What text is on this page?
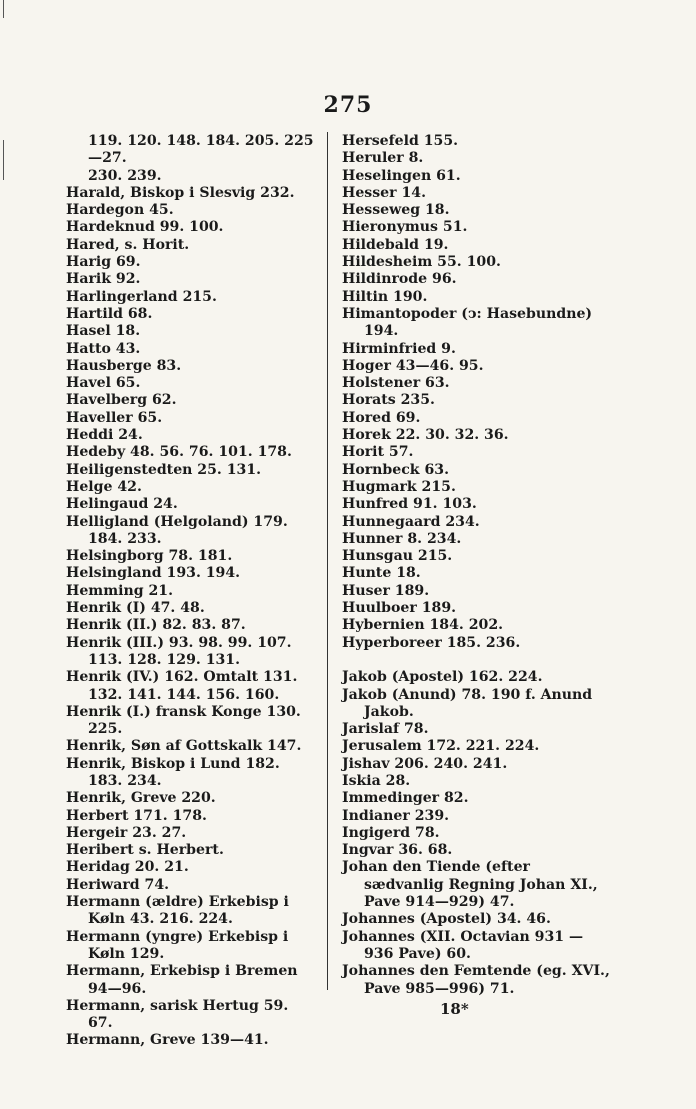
275
119. 120. 148. 184. 205. 225—27.
230. 239.
Harald, Biskop i Slesvig 232.
Hardegon 45.
Hardeknud 99. 100.
Hared, s. Horit.
Harig 69.
Harik 92.
Harlingerland 215.
Hartild 68.
Hasel 18.
Hatto 43.
Hausberge 83.
Havel 65.
Havelberg 62.
Haveller 65.
Heddi 24.
Hedeby 48. 56. 76. 101. 178.
Heiligenstedten 25. 131.
Helge 42.
Helingaud 24.
Helligland (Helgoland) 179. 184. 233.
Helsingborg 78. 181.
Helsingland 193. 194.
Hemming 21.
Henrik (I) 47. 48.
Henrik (II.) 82. 83. 87.
Henrik (III.) 93. 98. 99. 107. 113. 128. 129. 131.
Henrik (IV.) 162. Omtalt 131. 132. 141. 144. 156. 160.
Henrik (I.) fransk Konge 130. 225.
Henrik, Søn af Gottskalk 147.
Henrik, Biskop i Lund 182. 183. 234.
Henrik, Greve 220.
Herbert 171. 178.
Hergeir 23. 27.
Heribert s. Herbert.
Heridag 20. 21.
Heriward 74.
Hermann (ældre) Erkebisp i Køln 43. 216. 224.
Hermann (yngre) Erkebisp i Køln 129.
Hermann, Erkebisp i Bremen 94—96.
Hermann, sarisk Hertug 59. 67.
Hermann, Greve 139—41.
Hersefeld 155.
Heruler 8.
Heselingen 61.
Hesser 14.
Hesseweg 18.
Hieronymus 51.
Hildebald 19.
Hildesheim 55. 100.
Hildinrode 96.
Hiltin 190.
Himantopoder (ↄ: Hasebundne) 194.
Hirminfried 9.
Hoger 43—46. 95.
Holstener 63.
Horats 235.
Hored 69.
Horek 22. 30. 32. 36.
Horit 57.
Hornbeck 63.
Hugmark 215.
Hunfred 91. 103.
Hunnegaard 234.
Hunner 8. 234.
Hunsgau 215.
Hunte 18.
Huser 189.
Huulboer 189.
Hybernien 184. 202.
Hyperboreer 185. 236.
Jakob (Apostel) 162. 224.
Jakob (Anund) 78. 190 f. Anund Jakob.
Jarislaf 78.
Jerusalem 172. 221. 224.
Jishav 206. 240. 241.
Iskia 28.
Immedinger 82.
Indianer 239.
Ingigerd 78.
Ingvar 36. 68.
Johan den Tiende (efter sædvanlig Regning Johan XI., Pave 914—929) 47.
Johannes (Apostel) 34. 46.
Johannes (XII. Octavian 931 —936 Pave) 60.
Johannes den Femtende (eg. XVI., Pave 985—996) 71.
18*
